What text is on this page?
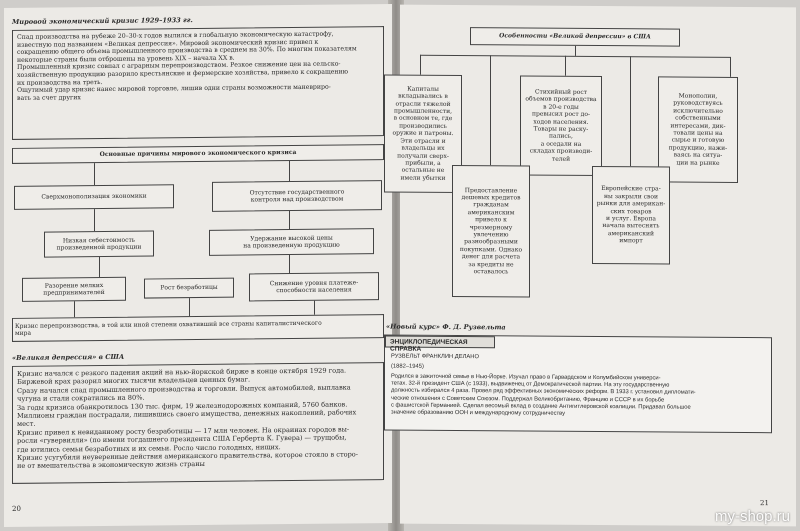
Мировой экономический кризис 1929–1933 гг.
Спад производства на рубеже 20–30-х годов вылился в глобальную экономическую катастрофу,
известную под названием «Великая депрессия». Мировой экономический кризис привел к
сокращению общего объема промышленного производства в среднем на 30%. По многим показателям
некоторые страны были отброшены на уровень XIX – начала XX в.
Промышленный кризис совпал с аграрным перепроизводством. Резкое снижение цен на сельско-
хозяйственную продукцию разорило крестьянские и фермерские хозяйства, привело к сокращению
их производства на треть.
Ощутимый удар кризис нанес мировой торговле, лишив одни страны возможности маневриро-
вать за счет других
Основные причины мирового экономического кризиса
Сверхмонополизация экономики
Отсутствие государственного
контроля над производством
Низкая себестоимость
произведенной продукции
Удержание высокой цены
на произведенную продукцию
Разорение мелких
предпринимателей
Рост безработицы
Снижение уровня платеже-
способности населения
Кризис перепроизводства, в той или иной степени охвативший все страны капиталистического
мира
«Великая депрессия» в США
Кризис начался с резкого падения акций на нью-йоркской бирже в конце октября 1929 года.
Биржевой крах разорил многих тысячи владельцев ценных бумаг.
Сразу начался спад промышленного производства и торговли. Выпуск автомобилей, выплавка
чугуна и стали сократились на 80%.
За годы кризиса обанкротилось 130 тыс. фирм, 19 железнодорожных компаний, 5760 банков.
Миллионы граждан пострадали, лишившись своего имущества, денежных накоплений, рабочих
мест.
Кризис привел к невиданному росту безработицы — 17 млн человек. На окраинах городов вы-
росли «гувервилли» (по имени тогдашнего президента США Герберта К. Гувера) — трущобы,
где ютились семьи безработных и их семьи. Росло число голодных, нищих.
Кризис усугубили неуверенные действия американского правительства, которое стояло в сторо-
не от вмешательства в экономическую жизнь страны
20
Особенности «Великой депрессии» в США
Капиталы
вкладывались в
отрасли тяжелой
промышленности,
в основном те, где
производились
оружие и патроны.
Эти отрасли и
владельцы их
получали сверх-
прибыли, а
остальные не
имели убытки
Стихийный рост
объемов производства
в 20-е годы
превысил рост до-
ходов населения.
Товары не раску-
пались,
а оседали на
складах производи-
телей
Монополии,
руководствуясь
исключительно
собственными
интересами, дик-
товали цены на
сырье и готовую
продукцию, нажи-
ваясь на ситуа-
ции на рынке
Предоставление
дешевых кредитов
гражданам
американским
привело к чрезмерному
увлечению
разнообразными
покупками. Однако
денег для расчета
за кредиты не
оставалось
Европейские стра-
ны закрыли свои
рынки для американ-
ских товаров
и услуг. Европа
начала вытеснять
американский
импорт
«Новый курс» Ф. Д. Рузвельта
ЭНЦИКЛОПЕДИЧЕСКАЯ СПРАВКА
РУЗВЕЛЬТ ФРАНКЛИН ДЕЛАНО
(1882–1945)
Родился в зажиточной семье в Нью-Йорке. Изучал право в Гарвардском и Колумбийском универси-
тетах. 32-й президент США (с 1933), выдвиженец от Демократической партии. На эту государственную
должность избирался 4 раза. Провел ряд эффективных экономических реформ. В 1933 г. установил дипломати-
ческие отношения с Советским Союзом. Поддержал Великобританию, Францию и СССР в их борьбе
с фашистской Германией. Сделал весомый вклад в создание Антигитлеровской коалиции. Придавал большое
значение образованию ООН и международному сотрудничеству
21
my-shop.ru
